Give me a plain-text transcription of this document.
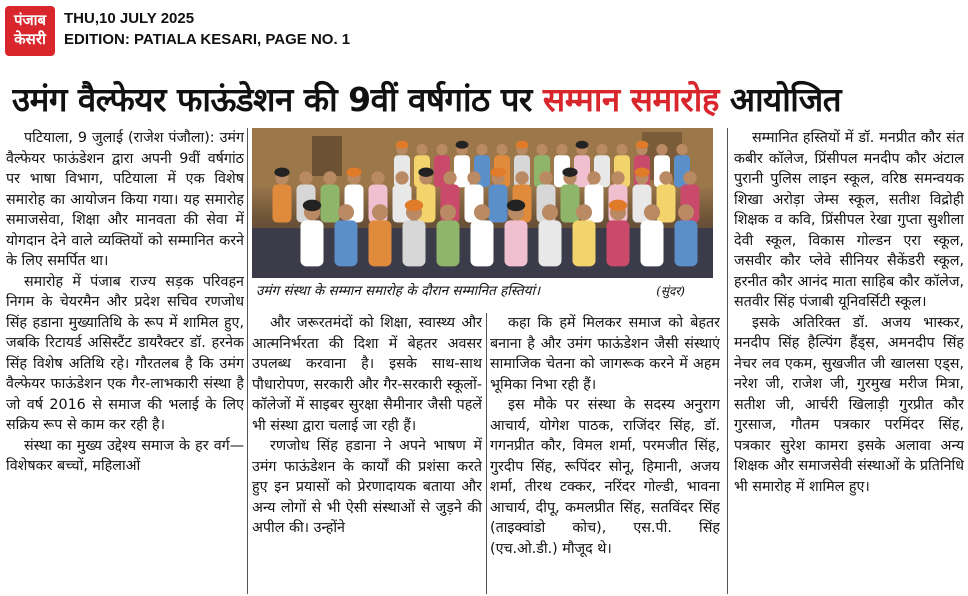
पंजाब
केसरी
THU,10 JULY 2025
EDITION: PATIALA KESARI, PAGE NO. 1
उमंग वैल्फेयर फाऊंडेशन की 9वीं वर्षगांठ पर सम्मान समारोह आयोजित

पटियाला, 9 जुलाई (राजेश पंजौला): उमंग वैल्फेयर फाऊंडेशन द्वारा अपनी 9वीं वर्षगांठ पर भाषा विभाग, पटियाला में एक विशेष समारोह का आयोजन किया गया। यह समारोह समाजसेवा, शिक्षा और मानवता की सेवा में योगदान देने वाले व्यक्तियों को सम्मानित करने के लिए समर्पित था।

समारोह में पंजाब राज्य सड़क परिवहन निगम के चेयरमैन और प्रदेश सचिव रणजोध सिंह हडाना मुख्यातिथि के रूप में शामिल हुए, जबकि रिटायर्ड असिस्टैंट डायरैक्टर डॉ. हरनेक सिंह विशेष अतिथि रहे। गौरतलब है कि उमंग वैल्फेयर फाऊंडेशन एक गैर-लाभकारी संस्था है जो वर्ष 2016 से समाज की भलाई के लिए सक्रिय रूप से काम कर रही है।

संस्था का मुख्य उद्देश्य समाज के हर वर्ग—विशेषकर बच्चों, महिलाओं

उमंग संस्था के सम्मान समारोह के दौरान सम्मानित हस्तियां।	(सुंदर)

और जरूरतमंदों को शिक्षा, स्वास्थ्य और आत्मनिर्भरता की दिशा में बेहतर अवसर उपलब्ध करवाना है। इसके साथ-साथ पौधारोपण, सरकारी और गैर-सरकारी स्कूलों-कॉलेजों में साइबर सुरक्षा सैमीनार जैसी पहलें भी संस्था द्वारा चलाई जा रही हैं।

रणजोध सिंह हडाना ने अपने भाषण में उमंग फाऊंडेशन के कार्यों की प्रशंसा करते हुए इन प्रयासों को प्रेरणादायक बताया और अन्य लोगों से भी ऐसी संस्थाओं से जुड़ने की अपील की। उन्होंने

कहा कि हमें मिलकर समाज को बेहतर बनाना है और उमंग फाऊंडेशन जैसी संस्थाएं सामाजिक चेतना को जागरूक करने में अहम भूमिका निभा रही हैं।

इस मौके पर संस्था के सदस्य अनुराग आचार्य, योगेश पाठक, राजिंदर सिंह, डॉ. गगनप्रीत कौर, विमल शर्मा, परमजीत सिंह, गुरदीप सिंह, रूपिंदर सोनू, हिमानी, अजय शर्मा, तीरथ टक्कर, नरिंदर गोल्डी, भावना आचार्य, दीपू, कमलप्रीत सिंह, सतविंदर सिंह (ताइक्वांडो कोच), एस.पी. सिंह (एच.ओ.डी.) मौजूद थे।

सम्मानित हस्तियों में डॉ. मनप्रीत कौर संत कबीर कॉलेज, प्रिंसीपल मनदीप कौर अंटाल पुरानी पुलिस लाइन स्कूल, वरिष्ठ समन्वयक शिखा अरोड़ा जेम्स स्कूल, सतीश विद्रोही शिक्षक व कवि, प्रिंसीपल रेखा गुप्ता सुशीला देवी स्कूल, विकास गोल्डन एरा स्कूल, जसवीर कौर प्लेवे सीनियर सैकेंडरी स्कूल, हरनीत कौर आनंद माता साहिब कौर कॉलेज, सतवीर सिंह पंजाबी यूनिवर्सिटी स्कूल।

इसके अतिरिक्त डॉ. अजय भास्कर, मनदीप सिंह हैल्पिंग हैंड्स, अमनदीप सिंह नेचर लव एकम, सुखजीत जी खालसा एड्स, नरेश जी, राजेश जी, गुरमुख मरीज मित्रा, सतीश जी, आर्चरी खिलाड़ी गुरप्रीत कौर गुरसाज, गौतम पत्रकार परमिंदर सिंह, पत्रकार सुरेश कामरा इसके अलावा अन्य शिक्षक और समाजसेवी संस्थाओं के प्रतिनिधि भी समारोह में शामिल हुए।
